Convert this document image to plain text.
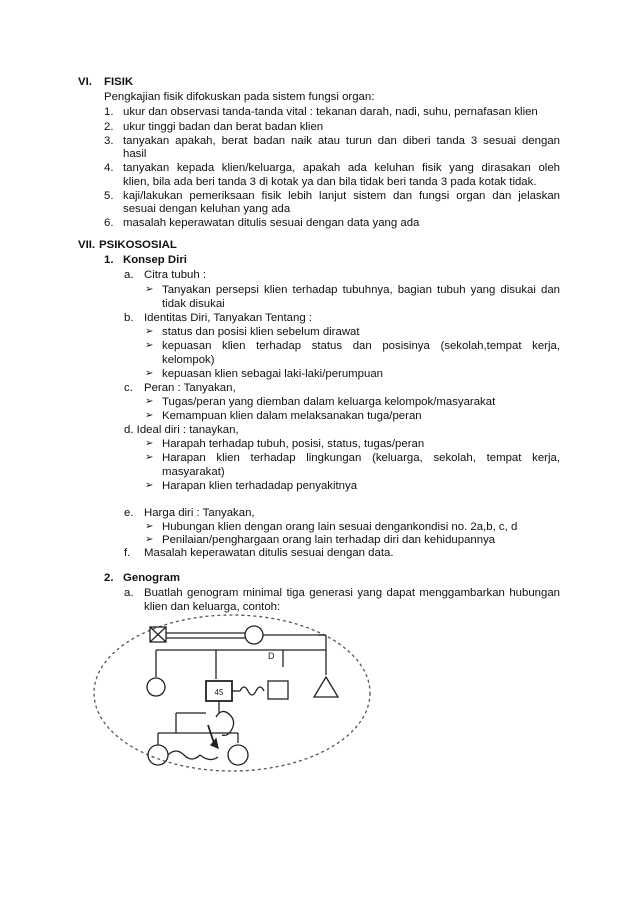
VI. FISIK
Pengkajian fisik difokuskan pada sistem fungsi organ:
1. ukur dan observasi tanda-tanda vital : tekanan darah, nadi, suhu, pernafasan klien
2. ukur tinggi badan dan berat badan klien
3. tanyakan apakah, berat badan naik atau turun dan diberi tanda 3 sesuai dengan
hasil
4. tanyakan kepada klien/keluarga, apakah ada keluhan fisik yang dirasakan oleh
klien, bila ada beri tanda 3 di kotak ya dan bila tidak beri tanda 3 pada kotak tidak.
5. kaji/lakukan pemeriksaan fisik lebih lanjut sistem dan fungsi organ dan jelaskan
sesuai dengan keluhan yang ada
6. masalah keperawatan ditulis sesuai dengan data yang ada
VII. PSIKOSOSIAL
1. Konsep Diri
a. Citra tubuh :
➢ Tanyakan persepsi klien terhadap tubuhnya, bagian tubuh yang disukai dan
tidak disukai
b. Identitas Diri, Tanyakan Tentang :
➢ status dan posisi klien sebelum dirawat
➢ kepuasan klien terhadap status dan posisinya (sekolah,tempat kerja,
kelompok)
➢ kepuasan klien sebagai laki-laki/perumpuan
c. Peran : Tanyakan,
➢ Tugas/peran yang diemban dalam keluarga kelompok/masyarakat
➢ Kemampuan klien dalam melaksanakan tuga/peran
d. Ideal diri : tanaykan,
➢ Harapah terhadap tubuh, posisi, status, tugas/peran
➢ Harapan klien terhadap lingkungan (keluarga, sekolah, tempat kerja,
masyarakat)
➢ Harapan klien terhadadap penyakitnya
e. Harga diri : Tanyakan,
➢ Hubungan klien dengan orang lain sesuai dengankondisi no. 2a,b, c, d
➢ Penilaian/penghargaan orang lain terhadap diri dan kehidupannya
f. Masalah keperawatan ditulis sesuai dengan data.
2. Genogram
a. Buatlah genogram minimal tiga generasi yang dapat menggambarkan hubungan
klien dan keluarga, contoh:
45
D
